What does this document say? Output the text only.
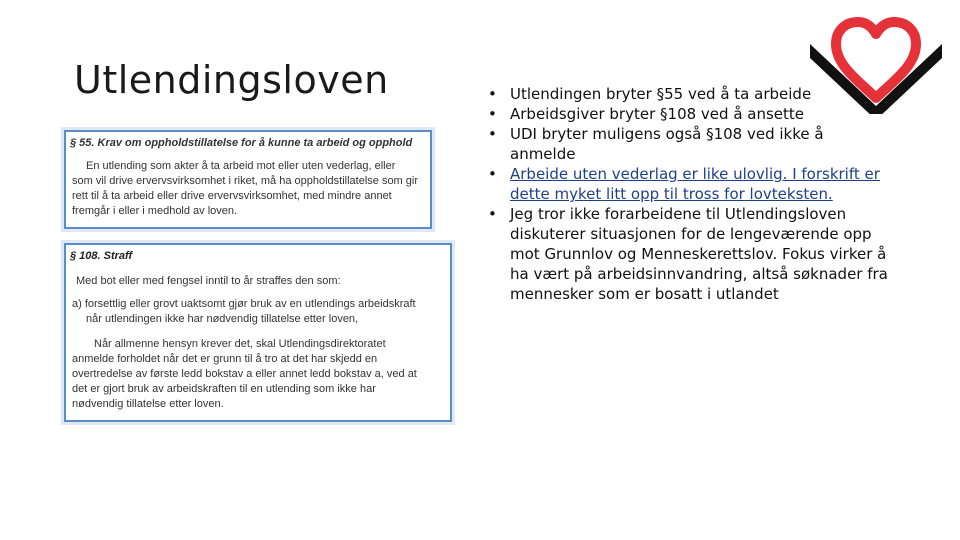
Utlendingsloven
§ 55. Krav om oppholdstillatelse for å kunne ta arbeid og opphold

En utlending som akter å ta arbeid mot eller uten vederlag, eller
som vil drive ervervsvirksomhet i riket, må ha oppholdstillatelse som gir
rett til å ta arbeid eller drive ervervsvirksomhet, med mindre annet
fremgår i eller i medhold av loven.

§ 108. Straff

Med bot eller med fengsel inntil to år straffes den som:

a) forsettlig eller grovt uaktsomt gjør bruk av en utlendings arbeidskraft
når utlendingen ikke har nødvendig tillatelse etter loven,

Når allmenne hensyn krever det, skal Utlendingsdirektoratet
anmelde forholdet når det er grunn til å tro at det har skjedd en
overtredelse av første ledd bokstav a eller annet ledd bokstav a, ved at
det er gjort bruk av arbeidskraften til en utlending som ikke har
nødvendig tillatelse etter loven.

• Utlendingen bryter §55 ved å ta arbeide
• Arbeidsgiver bryter §108 ved å ansette
• UDI bryter muligens også §108 ved ikke å anmelde
• Arbeide uten vederlag er like ulovlig. I forskrift er dette myket litt opp til tross for lovteksten.
• Jeg tror ikke forarbeidene til Utlendingsloven diskuterer situasjonen for de lengeværende opp mot Grunnlov og Menneskerettslov. Fokus virker å ha vært på arbeidsinnvandring, altså søknader fra mennesker som er bosatt i utlandet
